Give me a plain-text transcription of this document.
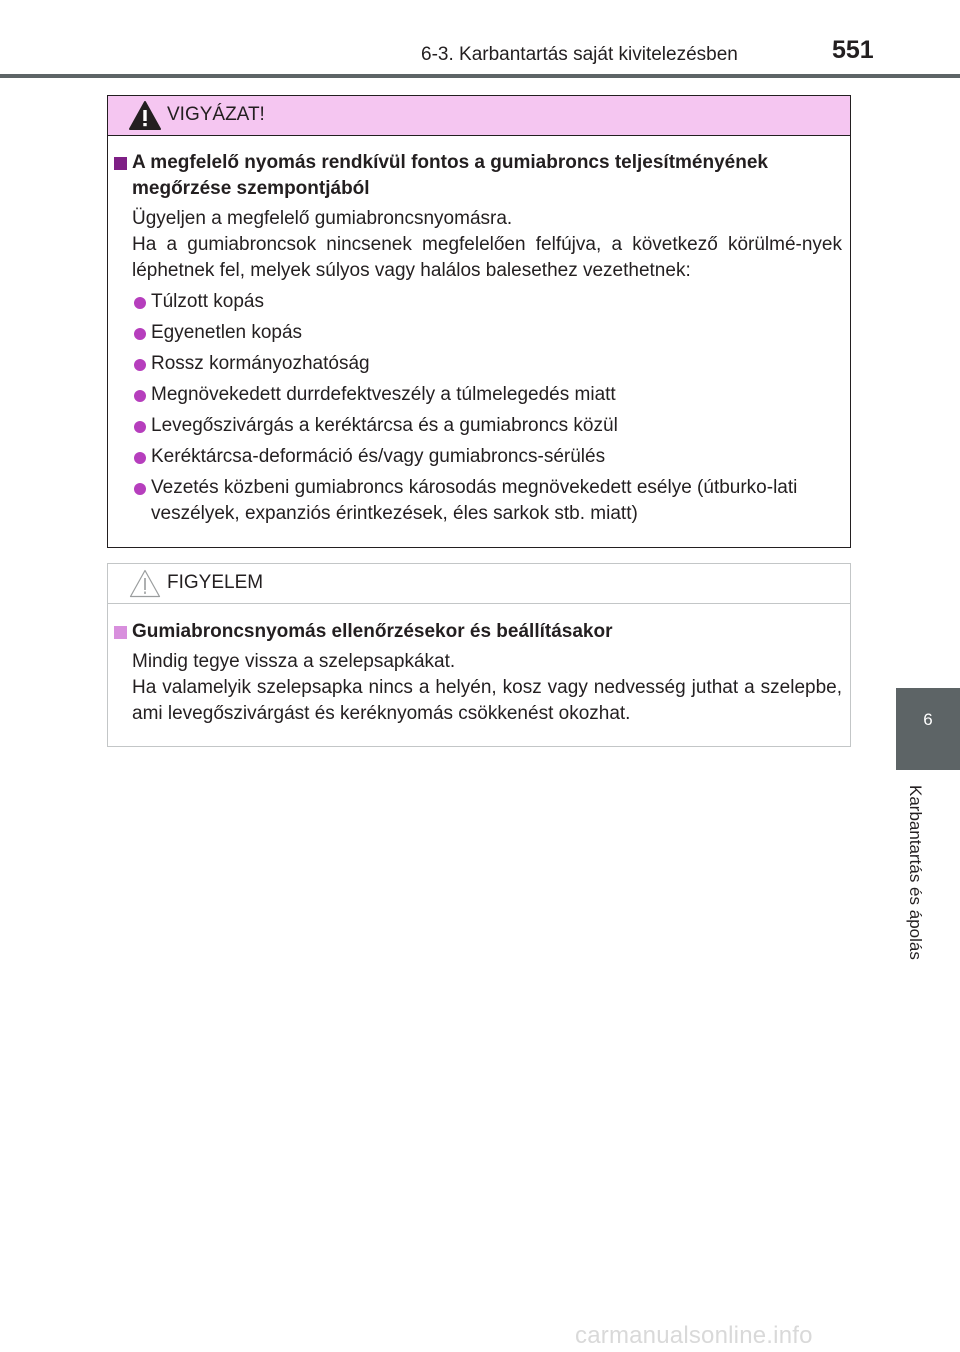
6-3. Karbantartás saját kivitelezésben	551
6
Karbantartás és ápolás
VIGYÁZAT!
A megfelelő nyomás rendkívül fontos a gumiabroncs teljesítményének megőrzése szempontjából
Ügyeljen a megfelelő gumiabroncsnyomásra.
Ha a gumiabroncsok nincsenek megfelelően felfújva, a következő körülmé-nyek léphetnek fel, melyek súlyos vagy halálos balesethez vezethetnek:
Túlzott kopás
Egyenetlen kopás
Rossz kormányozhatóság
Megnövekedett durrdefektveszély a túlmelegedés miatt
Levegőszivárgás a keréktárcsa és a gumiabroncs közül
Keréktárcsa-deformáció és/vagy gumiabroncs-sérülés
Vezetés közbeni gumiabroncs károsodás megnövekedett esélye (útburko-lati veszélyek, expanziós érintkezések, éles sarkok stb. miatt)
FIGYELEM
Gumiabroncsnyomás ellenőrzésekor és beállításakor
Mindig tegye vissza a szelepsapkákat.
Ha valamelyik szelepsapka nincs a helyén, kosz vagy nedvesség juthat a szelepbe, ami levegőszivárgást és keréknyomás csökkenést okozhat.
carmanualsonline.info
